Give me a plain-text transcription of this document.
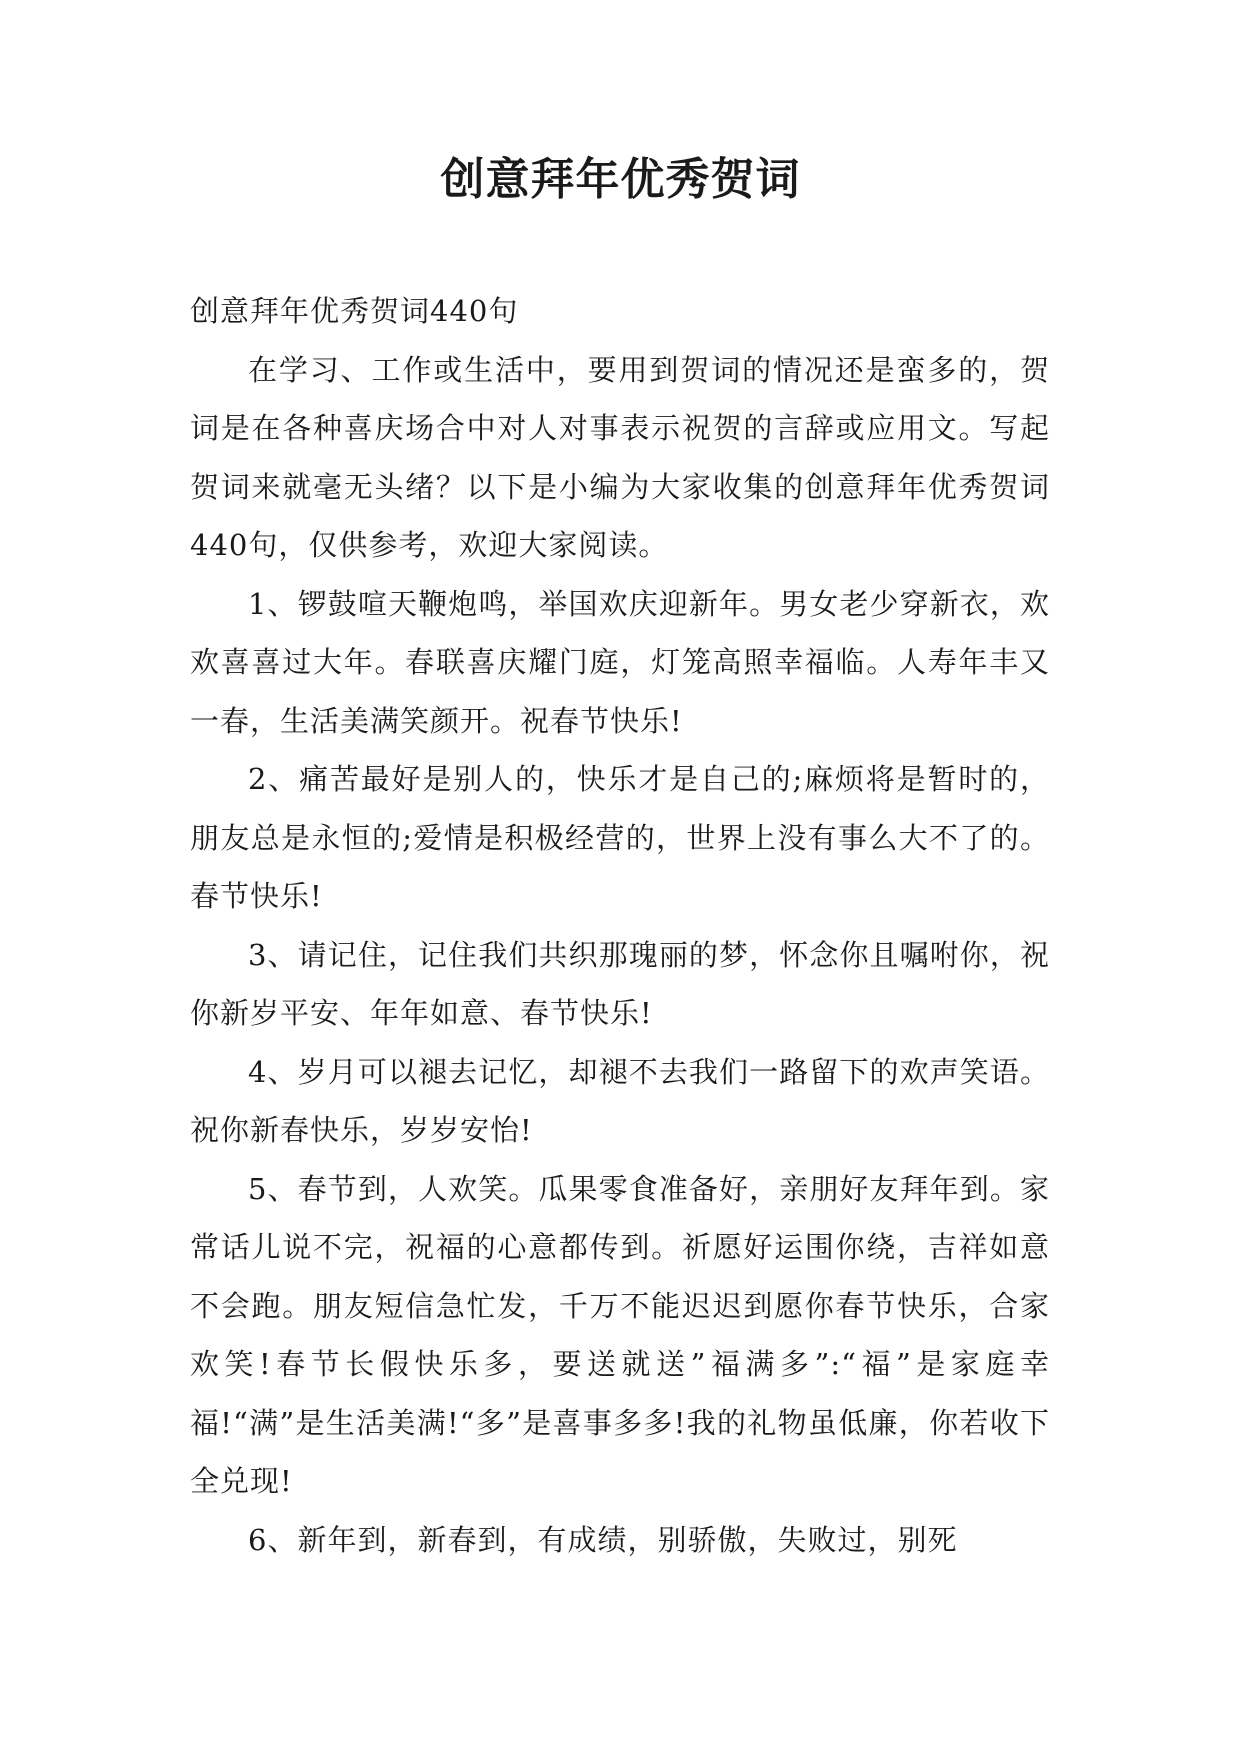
创意拜年优秀贺词

创意拜年优秀贺词440句

在学习、工作或生活中，要用到贺词的情况还是蛮多的，贺词是在各种喜庆场合中对人对事表示祝贺的言辞或应用文。写起贺词来就毫无头绪？以下是小编为大家收集的创意拜年优秀贺词440句，仅供参考，欢迎大家阅读。

1、锣鼓喧天鞭炮鸣，举国欢庆迎新年。男女老少穿新衣，欢欢喜喜过大年。春联喜庆耀门庭，灯笼高照幸福临。人寿年丰又一春，生活美满笑颜开。祝春节快乐!

2、痛苦最好是别人的，快乐才是自己的;麻烦将是暂时的，朋友总是永恒的;爱情是积极经营的，世界上没有事么大不了的。春节快乐!

3、请记住，记住我们共织那瑰丽的梦，怀念你且嘱咐你，祝你新岁平安、年年如意、春节快乐!

4、岁月可以褪去记忆，却褪不去我们一路留下的欢声笑语。祝你新春快乐，岁岁安怡!

5、春节到，人欢笑。瓜果零食准备好，亲朋好友拜年到。家常话儿说不完，祝福的心意都传到。祈愿好运围你绕，吉祥如意不会跑。朋友短信急忙发，千万不能迟迟到愿你春节快乐，合家欢笑!春节长假快乐多，要送就送”福满多”:“福”是家庭幸福!“满”是生活美满!“多”是喜事多多!我的礼物虽低廉，你若收下全兑现!

6、新年到，新春到，有成绩，别骄傲，失败过，别死
